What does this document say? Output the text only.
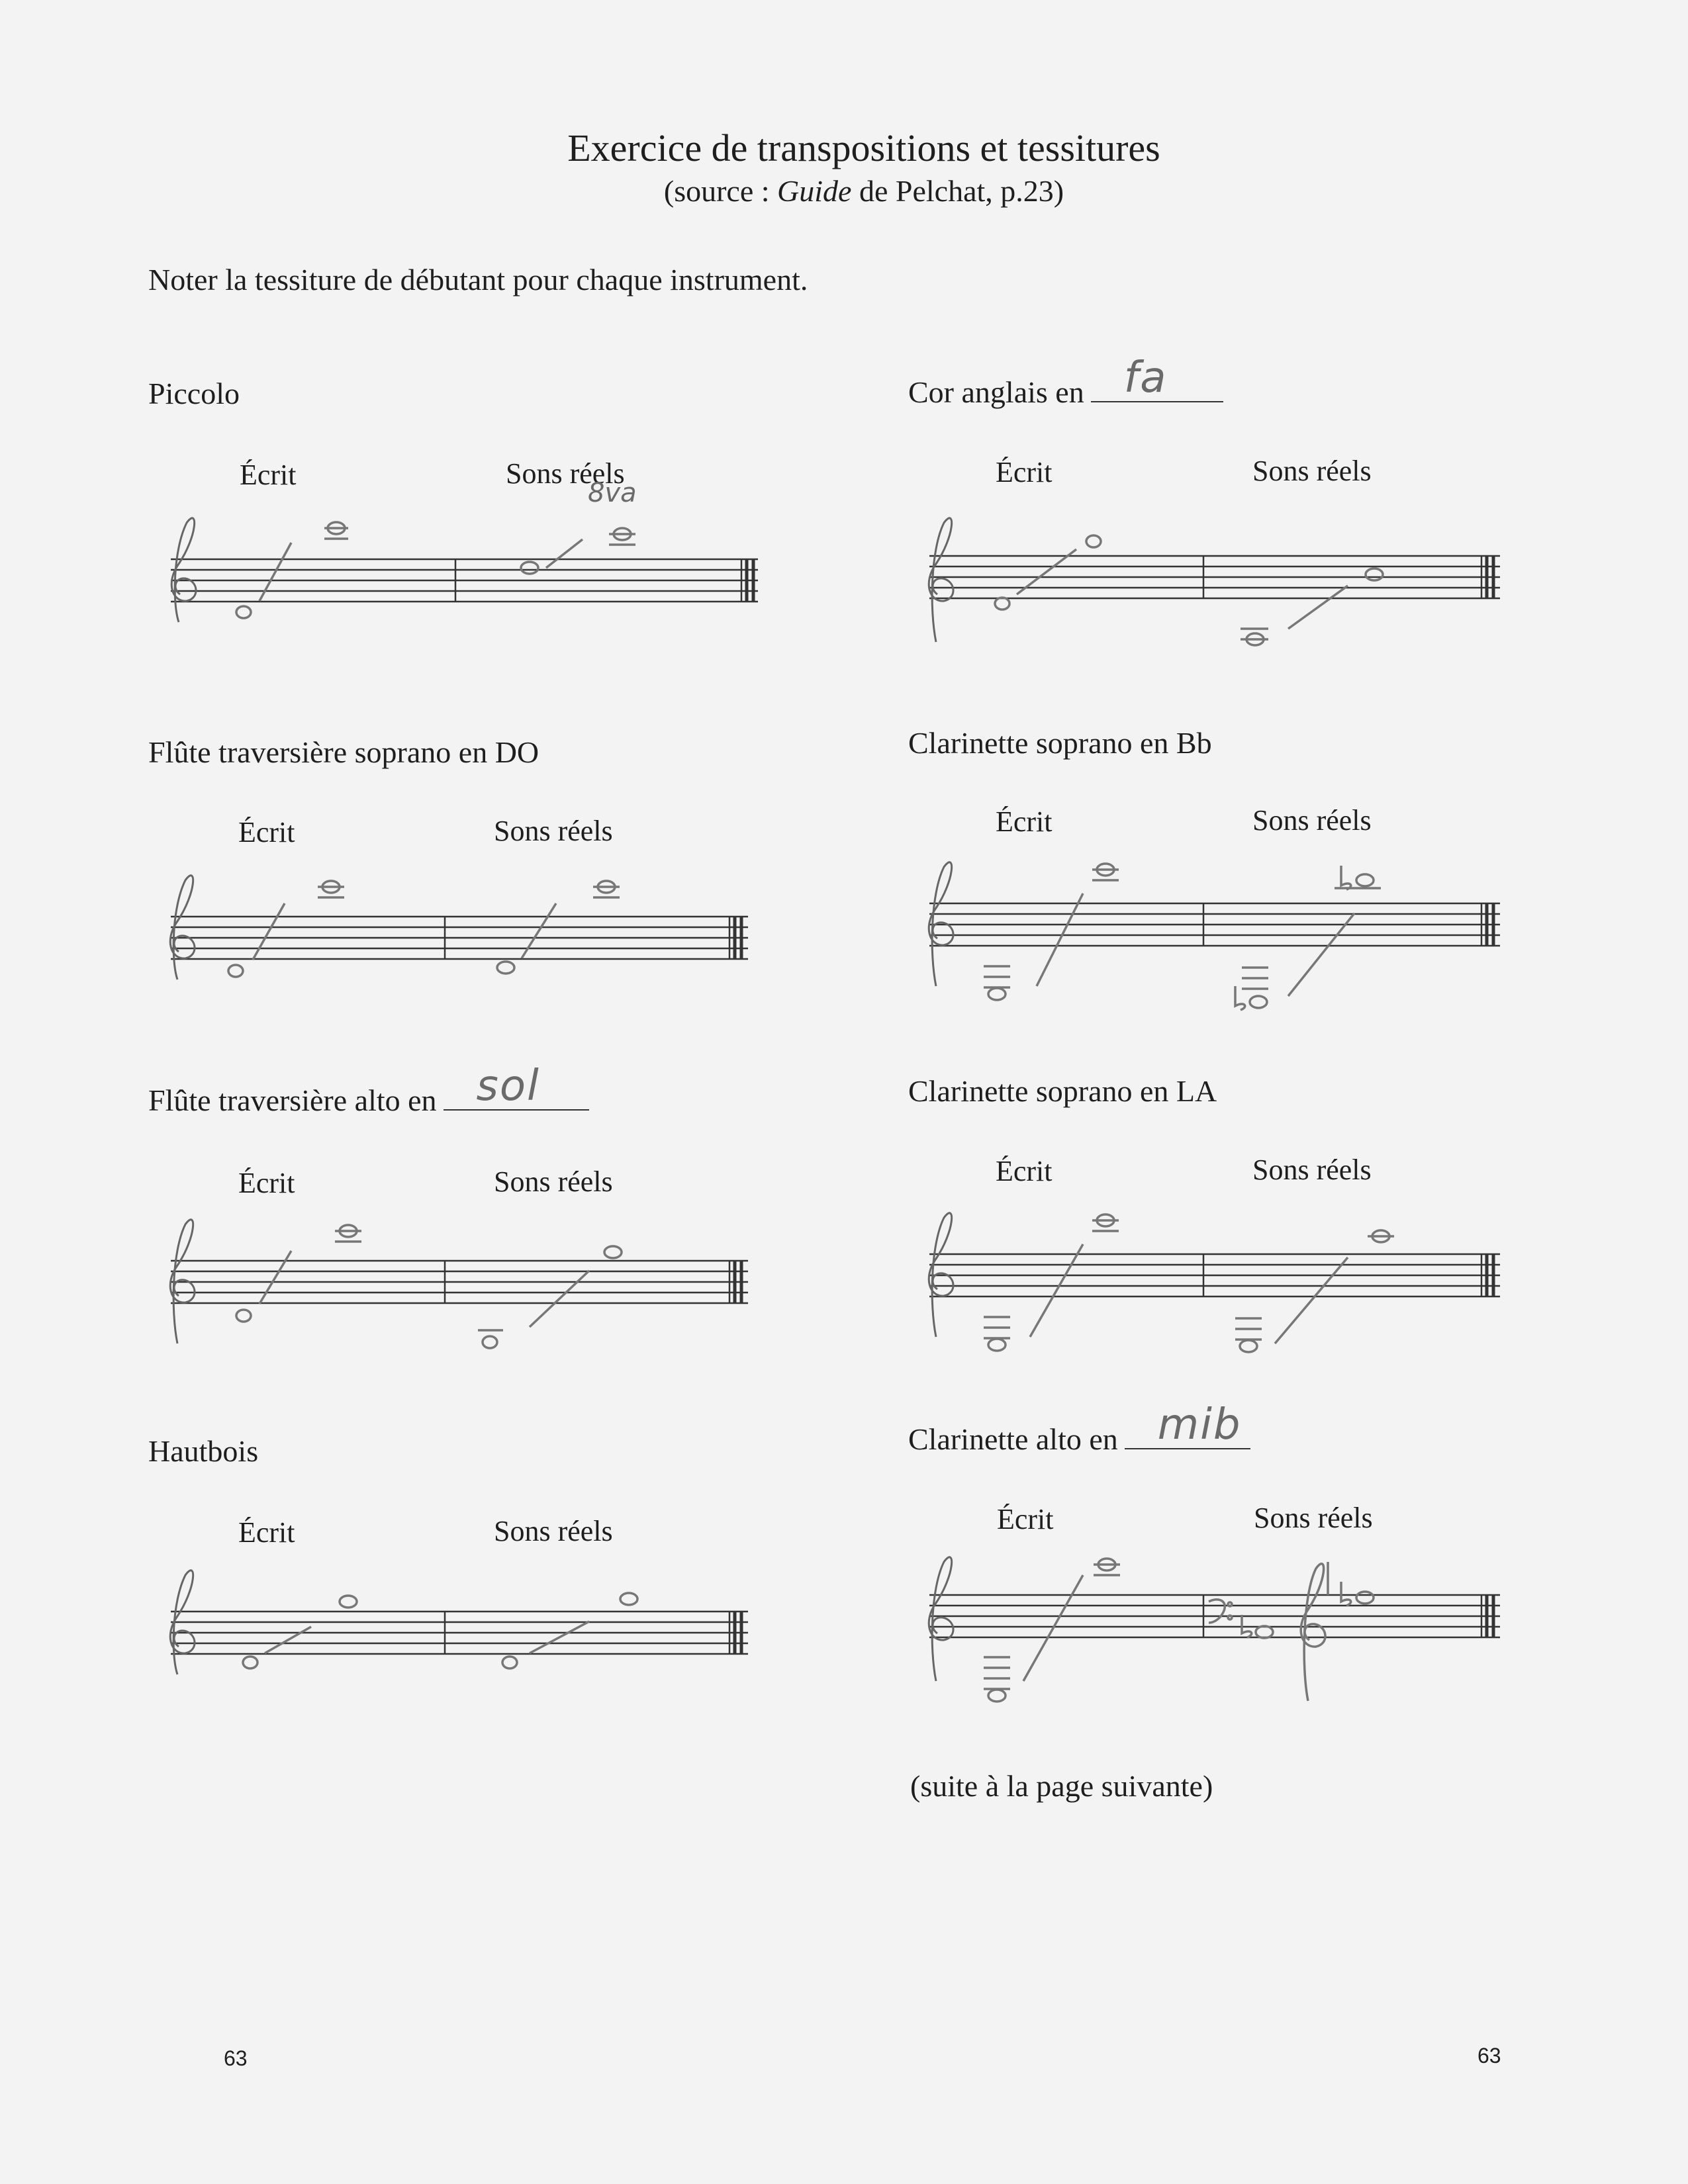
Exercice de transpositions et tessitures
(source : Guide de Pelchat, p.23)
Noter la tessiture de débutant pour chaque instrument.
Piccolo
Écrit	Sons réels
8va
Flûte traversière soprano en DO
Écrit	Sons réels
Flûte traversière alto en sol
Écrit	Sons réels
Hautbois
Écrit	Sons réels
Cor anglais en fa
Écrit	Sons réels
Clarinette soprano en Bb
Écrit	Sons réels
Clarinette soprano en LA
Écrit	Sons réels
Clarinette alto en mib
Écrit	Sons réels
(suite à la page suivante)
63	63
